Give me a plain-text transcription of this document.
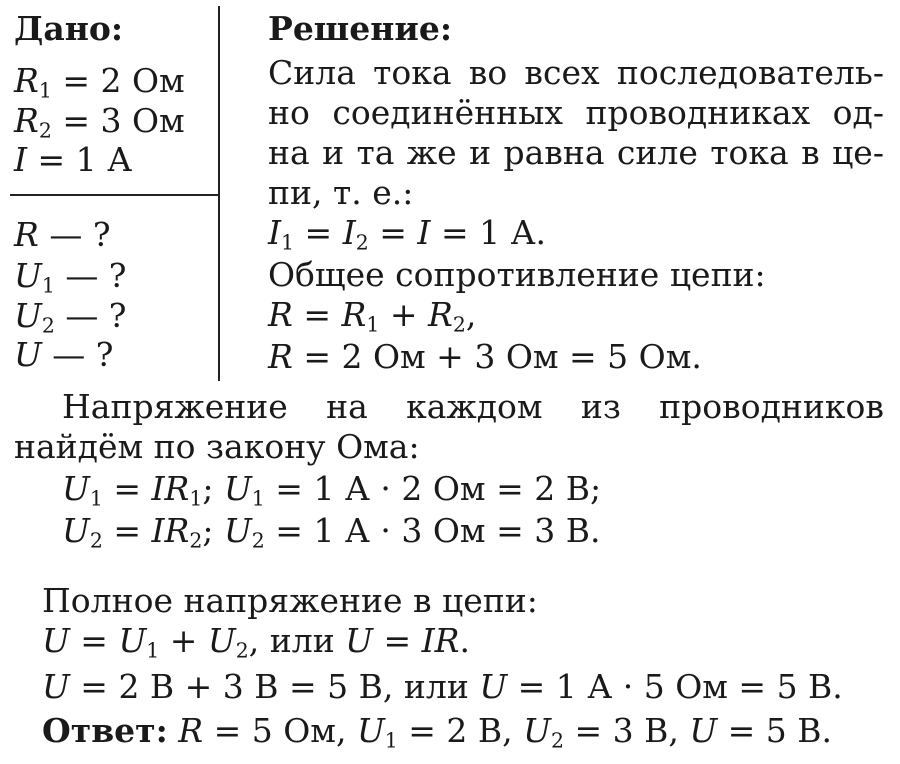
Дано:
$R_1 = 2$ Ом
$R_2 = 3$ Ом
I = 1 А
R — ?
$U_1$ — ?
$U_2$ — ?
U — ?
Решение:
Сила тока во всех последователь-
но соединённых проводниках од-
на и та же и равна силе тока в це-
пи, т. е.:
$I_1 = I_2 = I = 1$ А.
Общее сопротивление цепи:
$R = R_1 + R_2$,
R = 2 Ом + 3 Ом = 5 Ом.
Напряжение на каждом из проводников
найдём по закону Ома:
$U_1 = IR_1$; $U_1 = 1$ А · 2 Ом = 2 В;
$U_2 = IR_2$; $U_2 = 1$ А · 3 Ом = 3 В.
Полное напряжение в цепи:
$U = U_1 + U_2$, или U = IR.
U = 2 В + 3 В = 5 В, или U = 1 А · 5 Ом = 5 В.
Ответ: R = 5 Ом, $U_1 = 2$ В, $U_2 = 3$ В, U = 5 В.
